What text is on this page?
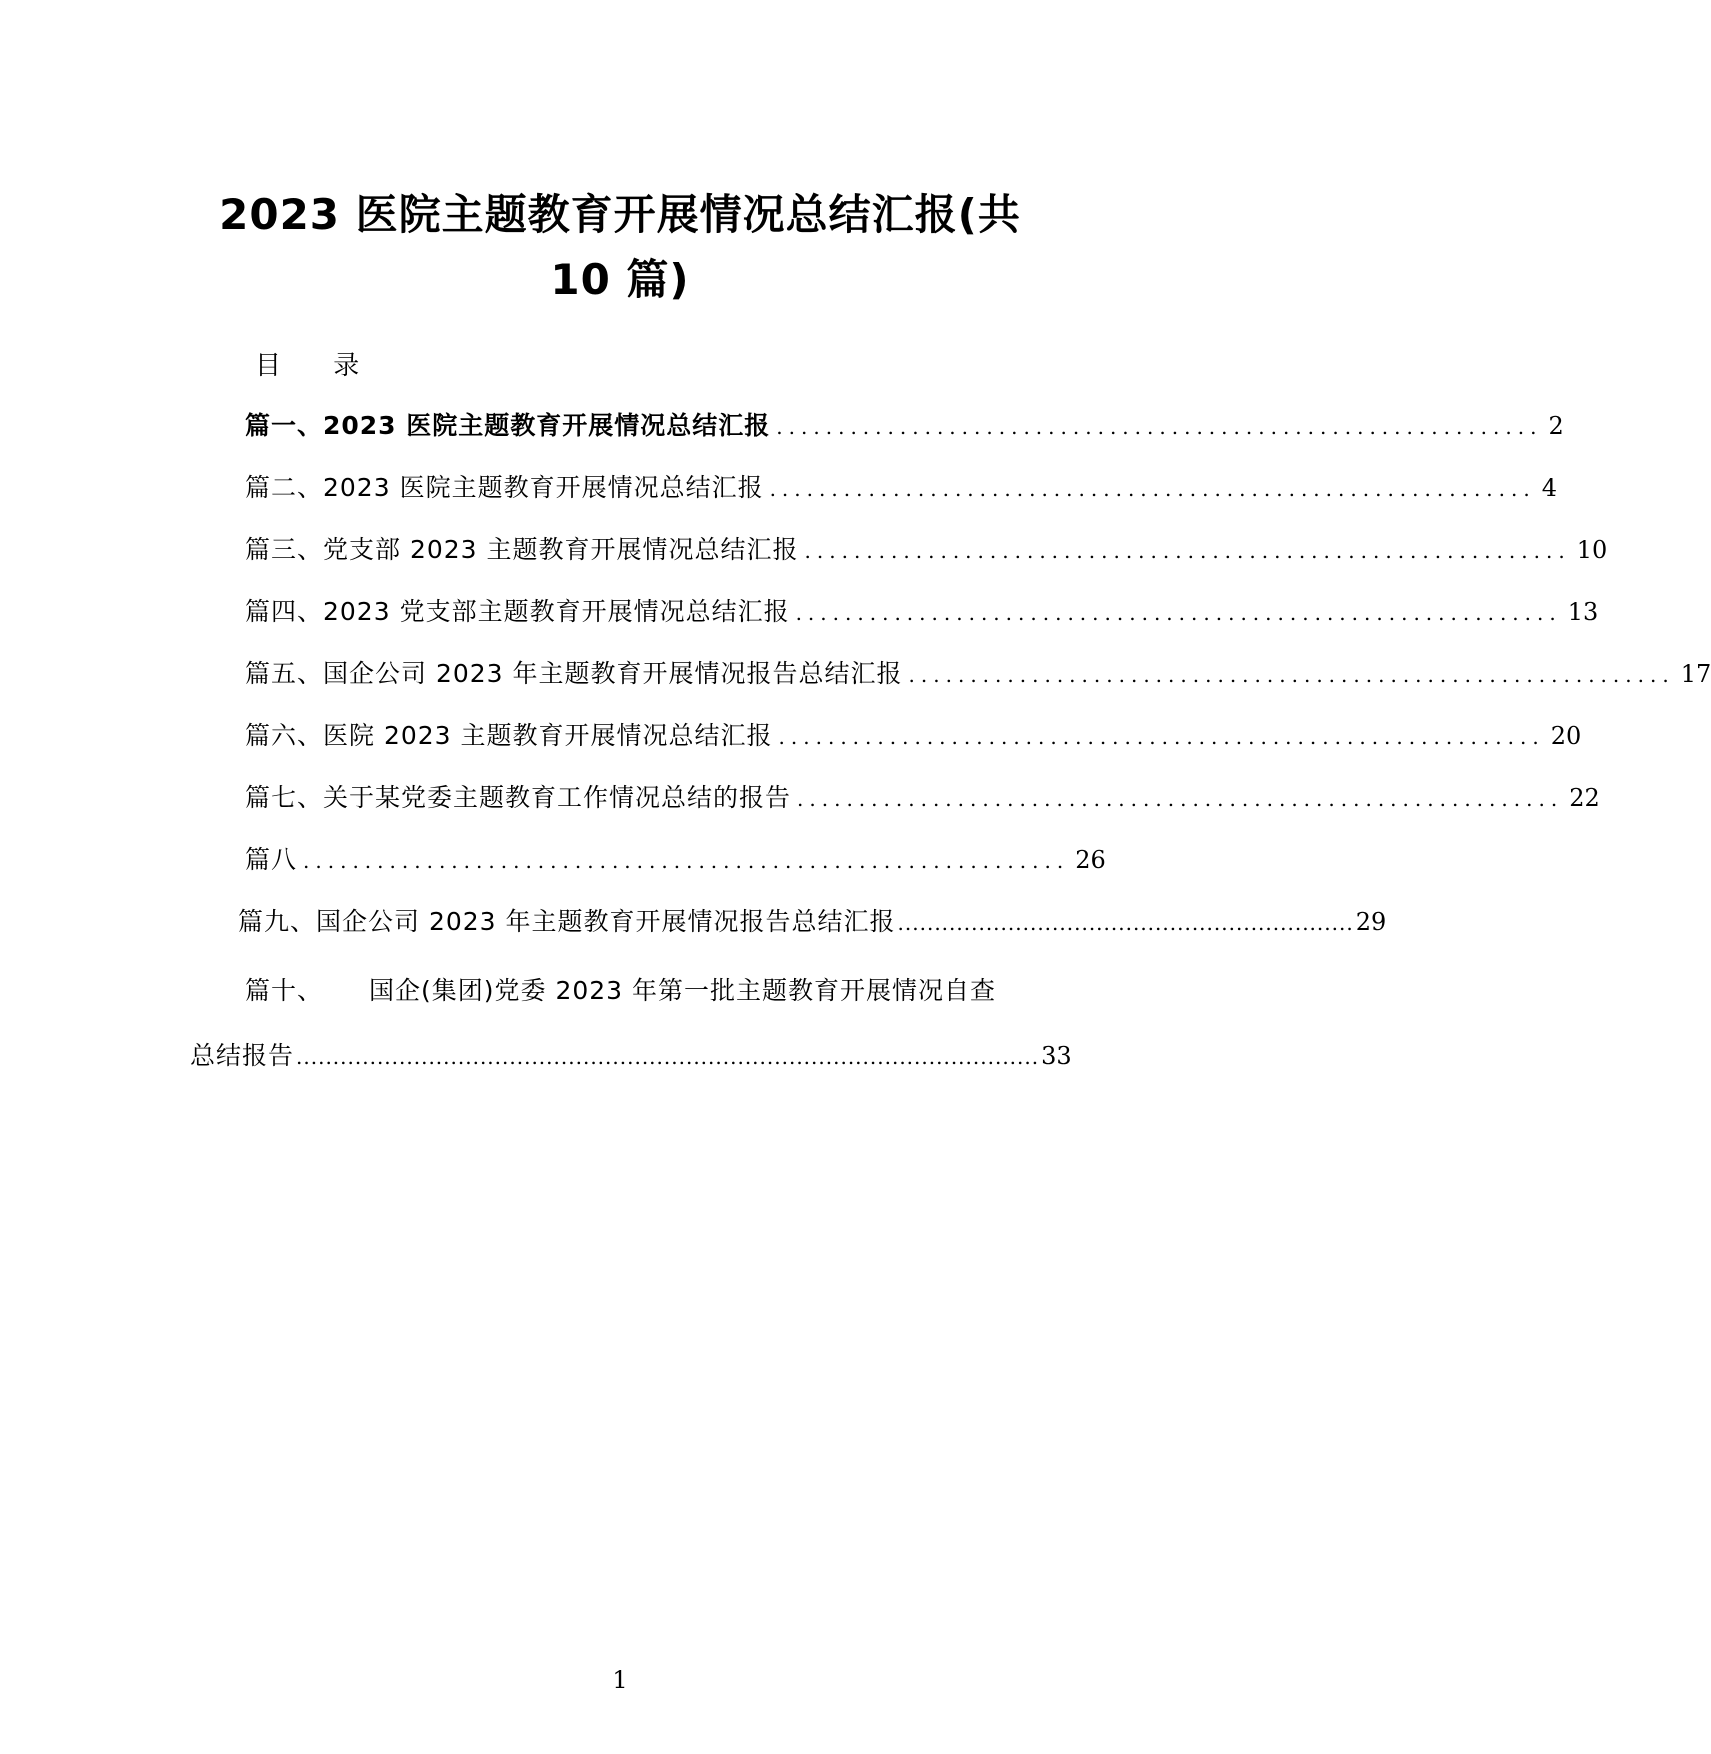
2023 医院主题教育开展情况总结汇报(共
10 篇)
目 录
篇一、2023 医院主题教育开展情况总结汇报 .............................................................. 2
篇二、2023 医院主题教育开展情况总结汇报 .............................................................. 4
篇三、党支部 2023 主题教育开展情况总结汇报 .............................................................. 10
篇四、2023 党支部主题教育开展情况总结汇报 .............................................................. 13
篇五、国企公司 2023 年主题教育开展情况报告总结汇报 .............................................................. 17
篇六、医院 2023 主题教育开展情况总结汇报 .............................................................. 20
篇七、关于某党委主题教育工作情况总结的报告 .............................................................. 22
篇八 .............................................................. 26
篇九、国企公司 2023 年主题教育开展情况报告总结汇报 .............................................................. 29
篇十、 国企(集团)党委 2023 年第一批主题教育开展情况自查
总结报告 ..................................................................................................... 33
1
